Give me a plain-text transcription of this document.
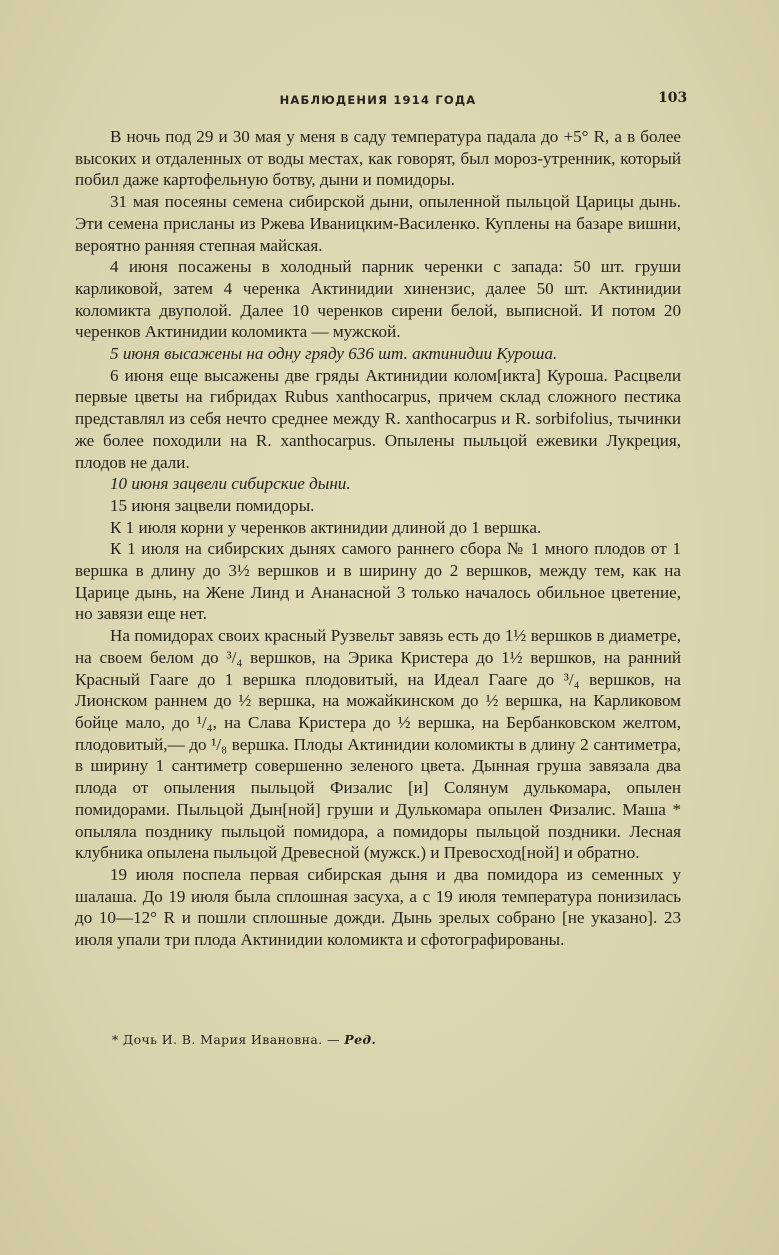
НАБЛЮДЕНИЯ 1914 ГОДА	103

В ночь под 29 и 30 мая у меня в саду температура падала до +5° R, а в более высоких и отдаленных от воды местах, как говорят, был мороз-утренник, который побил даже картофельную ботву, дыни и помидоры.

31 мая посеяны семена сибирской дыни, опыленной пыльцой Царицы дынь. Эти семена присланы из Ржева Иваницким-Василенко. Куплены на базаре вишни, вероятно ранняя степная майская.

4 июня посажены в холодный парник черенки с запада: 50 шт. груши карликовой, затем 4 черенка Актинидии хинензис, далее 50 шт. Актинидии коломикта двуполой. Далее 10 черенков сирени белой, выписной. И потом 20 черенков Актинидии коломикта — мужской.

5 июня высажены на одну гряду 636 шт. актинидии Куроша.

6 июня еще высажены две гряды Актинидии колом[икта] Куроша. Расцвели первые цветы на гибридах Rubus xanthocarpus, причем склад сложного пестика представлял из себя нечто среднее между R. xanthocarpus и R. sorbifolius, тычинки же более походили на R. xanthocarpus. Опылены пыльцой ежевики Лукреция, плодов не дали.

10 июня зацвели сибирские дыни.

15 июня зацвели помидоры.

К 1 июля корни у черенков актинидии длиной до 1 вершка.

К 1 июля на сибирских дынях самого раннего сбора № 1 много плодов от 1 вершка в длину до 3½ вершков и в ширину до 2 вершков, между тем, как на Царице дынь, на Жене Линд и Ананасной 3 только началось обильное цветение, но завязи еще нет.

На помидорах своих красный Рузвельт завязь есть до 1½ вершков в диаметре, на своем белом до ³/₄ вершков, на Эрика Кристера до 1½ вершков, на ранний Красный Гааге до 1 вершка плодовитый, на Идеал Гааге до ³/₄ вершков, на Лионском раннем до ½ вершка, на можайкинском до ½ вершка, на Карликовом бойце мало, до ¹/₄, на Слава Кристера до ½ вершка, на Бербанковском желтом, плодовитый,— до ¹/₈ вершка. Плоды Актинидии коломикты в длину 2 сантиметра, в ширину 1 сантиметр совершенно зеленого цвета. Дынная груша завязала два плода от опыления пыльцой Физалис [и] Солянум дулькомара, опылен помидорами. Пыльцой Дын[ной] груши и Дулькомара опылен Физалис. Маша * опыляла позднику пыльцой помидора, а помидоры пыльцой поздники. Лесная клубника опылена пыльцой Древесной (мужск.) и Превосход[ной] и обратно.

19 июля поспела первая сибирская дыня и два помидора из семенных у шалаша. До 19 июля была сплошная засуха, а с 19 июля температура понизилась до 10—12° R и пошли сплошные дожди. Дынь зрелых собрано [не указано]. 23 июля упали три плода Актинидии коломикта и сфотографированы.

* Дочь И. В. Мария Ивановна. — Ред.
